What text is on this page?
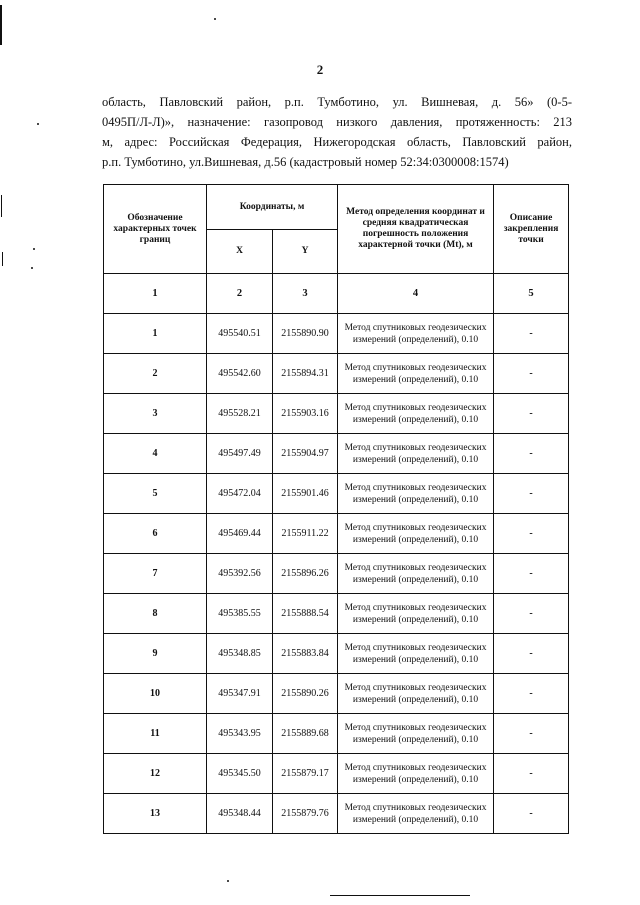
2
область, Павловский район, р.п. Тумботино, ул. Вишневая, д. 56» (0-5-
0495П/Л-Л)», назначение: газопровод низкого давления, протяженность: 213
м, адрес: Российская Федерация, Нижегородская область, Павловский район,
р.п. Тумботино, ул.Вишневая, д.56 (кадастровый номер 52:34:0300008:1574)
Обозначение характерных точек границ	Координаты, м		Метод определения координат и средняя квадратическая погрешность положения характерной точки (Mt), м	Описание закрепления точки
	X	Y		
1	2	3	4	5
1	495540.51	2155890.90	Метод спутниковых геодезических измерений (определений), 0.10	-
2	495542.60	2155894.31	Метод спутниковых геодезических измерений (определений), 0.10	-
3	495528.21	2155903.16	Метод спутниковых геодезических измерений (определений), 0.10	-
4	495497.49	2155904.97	Метод спутниковых геодезических измерений (определений), 0.10	-
5	495472.04	2155901.46	Метод спутниковых геодезических измерений (определений), 0.10	-
6	495469.44	2155911.22	Метод спутниковых геодезических измерений (определений), 0.10	-
7	495392.56	2155896.26	Метод спутниковых геодезических измерений (определений), 0.10	-
8	495385.55	2155888.54	Метод спутниковых геодезических измерений (определений), 0.10	-
9	495348.85	2155883.84	Метод спутниковых геодезических измерений (определений), 0.10	-
10	495347.91	2155890.26	Метод спутниковых геодезических измерений (определений), 0.10	-
11	495343.95	2155889.68	Метод спутниковых геодезических измерений (определений), 0.10	-
12	495345.50	2155879.17	Метод спутниковых геодезических измерений (определений), 0.10	-
13	495348.44	2155879.76	Метод спутниковых геодезических измерений (определений), 0.10	-
